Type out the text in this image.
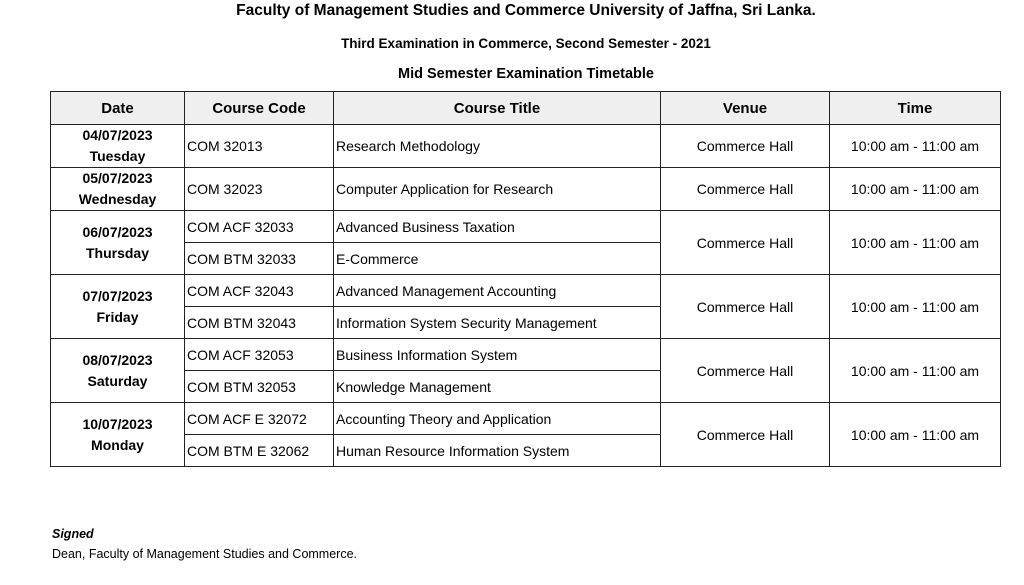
Faculty of Management Studies and Commerce University of Jaffna, Sri Lanka.
Third Examination in Commerce, Second Semester - 2021
Mid Semester Examination Timetable
Date	Course Code	Course Title	Venue	Time

04/07/2023
Tuesday	COM 32013	Research Methodology	Commerce Hall	10:00 am - 11:00 am

05/07/2023
Wednesday	COM 32023	Computer Application for Research	Commerce Hall	10:00 am - 11:00 am

06/07/2023
Thursday	COM ACF 32033	Advanced Business Taxation	Commerce Hall	10:00 am - 11:00 am
	COM BTM 32033	E-Commerce		

07/07/2023
Friday	COM ACF 32043	Advanced Management Accounting	Commerce Hall	10:00 am - 11:00 am
	COM BTM 32043	Information System Security Management		

08/07/2023
Saturday	COM ACF 32053	Business Information System	Commerce Hall	10:00 am - 11:00 am
	COM BTM 32053	Knowledge Management		

10/07/2023
Monday	COM ACF E 32072	Accounting Theory and Application	Commerce Hall	10:00 am - 11:00 am
	COM BTM E 32062	Human Resource Information System		
Signed
Dean, Faculty of Management Studies and Commerce.
